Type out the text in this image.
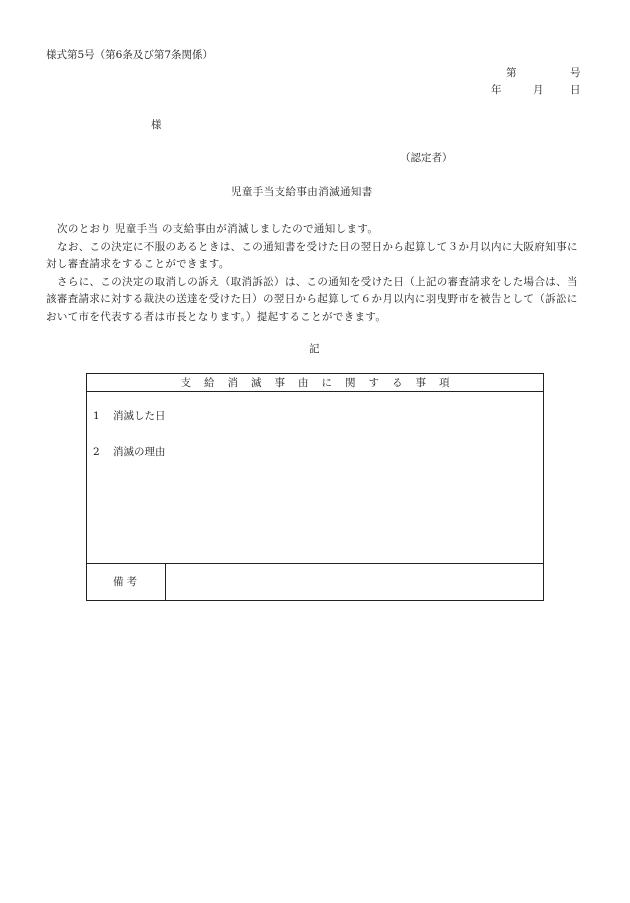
様式第5号（第6条及び第7条関係）
第	号
年	月	日
様
（認定者）
児童手当支給事由消滅通知書

次のとおり 児童手当 の支給事由が消滅しましたので通知します。

なお、この決定に不服のあるときは、この通知書を受けた日の翌日から起算して３か月以内に大阪府知事に対し審査請求をすることができます。

さらに、この決定の取消しの訴え（取消訴訟）は、この通知を受けた日（上記の審査請求をした場合は、当該審査請求に対する裁決の送達を受けた日）の翌日から起算して６か月以内に羽曳野市を被告として（訴訟において市を代表する者は市長となります。）提起することができます。

記
支給消滅事由に関する事項
1 消滅した日
2 消滅の理由
備考
